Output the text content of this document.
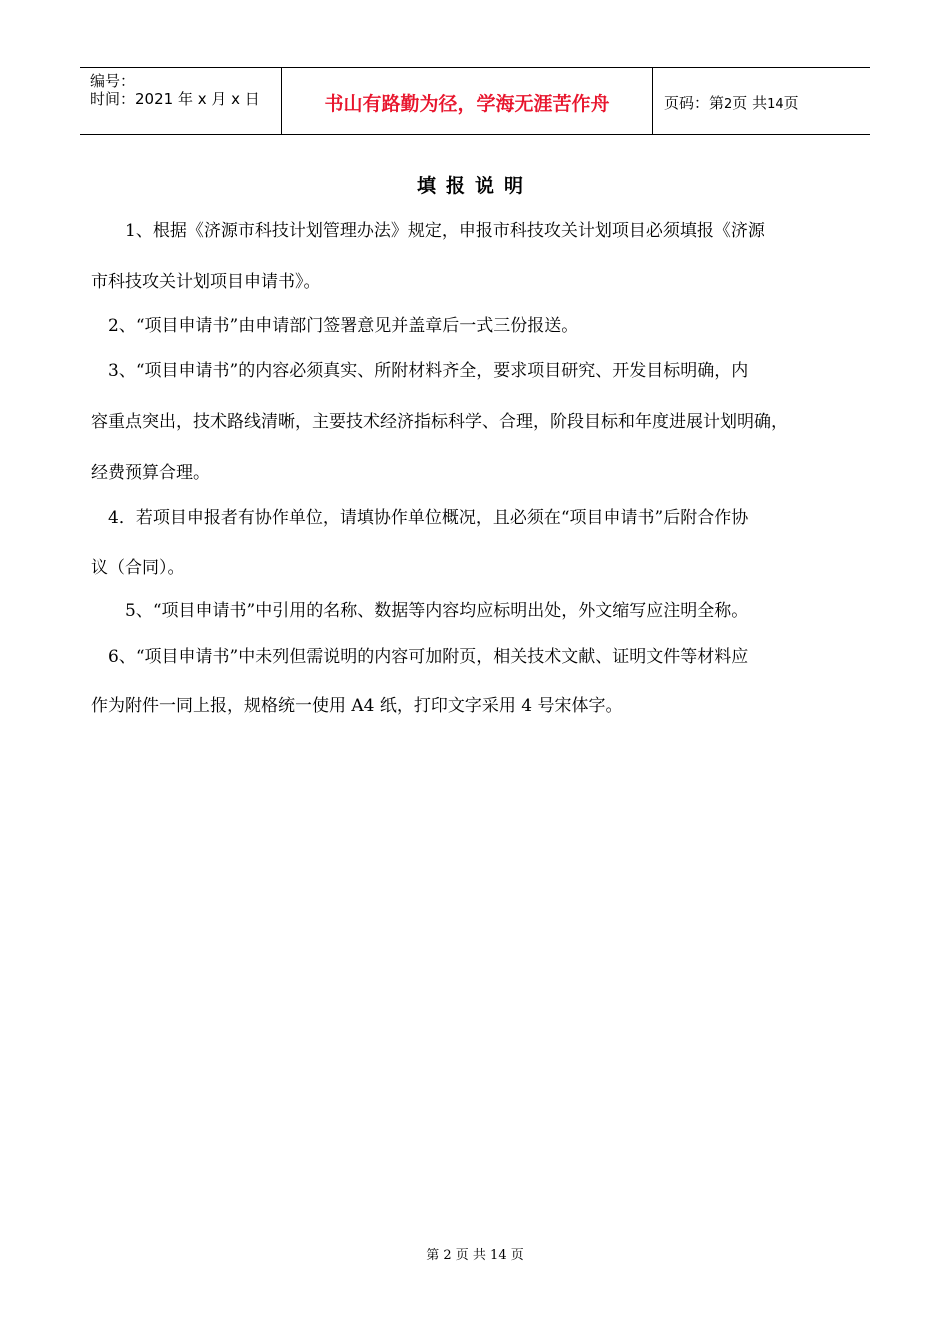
编号：
时间：2021 年 x 月 x 日	书山有路勤为径，学海无涯苦作舟	页码：第2页 共14页
填报说明
　　1、根据《济源市科技计划管理办法》规定，申报市科技攻关计划项目必须填报《济源
市科技攻关计划项目申请书》。
　2、“项目申请书”由申请部门签署意见并盖章后一式三份报送。
　3、“项目申请书”的内容必须真实、所附材料齐全，要求项目研究、开发目标明确，内
容重点突出，技术路线清晰，主要技术经济指标科学、合理，阶段目标和年度进展计划明确，
经费预算合理。
　4．若项目申报者有协作单位，请填协作单位概况，且必须在“项目申请书”后附合作协
议（合同）。
　　5、“项目申请书”中引用的名称、数据等内容均应标明出处，外文缩写应注明全称。
　6、“项目申请书”中未列但需说明的内容可加附页，相关技术文献、证明文件等材料应
作为附件一同上报，规格统一使用 A4 纸，打印文字采用 4 号宋体字。
第 2 页 共 14 页
